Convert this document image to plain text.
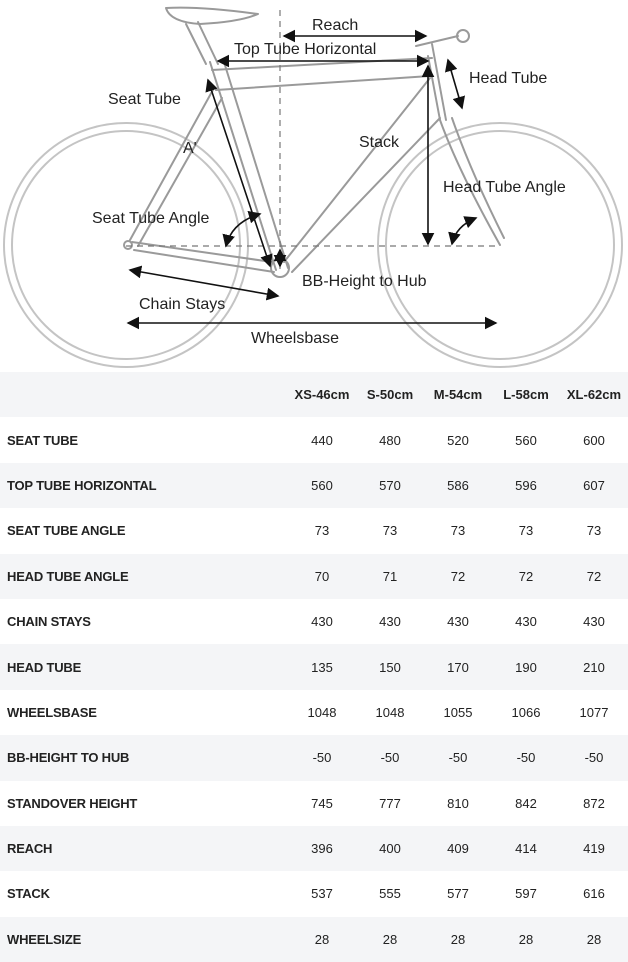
Reach
Top Tube Horizontal
Head Tube
Seat Tube
A'	Stack
Head Tube Angle
Seat Tube Angle
BB-Height to Hub
Chain Stays
Wheelsbase
	XS-46cm	S-50cm	M-54cm	L-58cm	XL-62cm
SEAT TUBE	440	480	520	560	600
TOP TUBE HORIZONTAL	560	570	586	596	607
SEAT TUBE ANGLE	73	73	73	73	73
HEAD TUBE ANGLE	70	71	72	72	72
CHAIN STAYS	430	430	430	430	430
HEAD TUBE	135	150	170	190	210
WHEELSBASE	1048	1048	1055	1066	1077
BB-HEIGHT TO HUB	-50	-50	-50	-50	-50
STANDOVER HEIGHT	745	777	810	842	872
REACH	396	400	409	414	419
STACK	537	555	577	597	616
WHEELSIZE	28	28	28	28	28
